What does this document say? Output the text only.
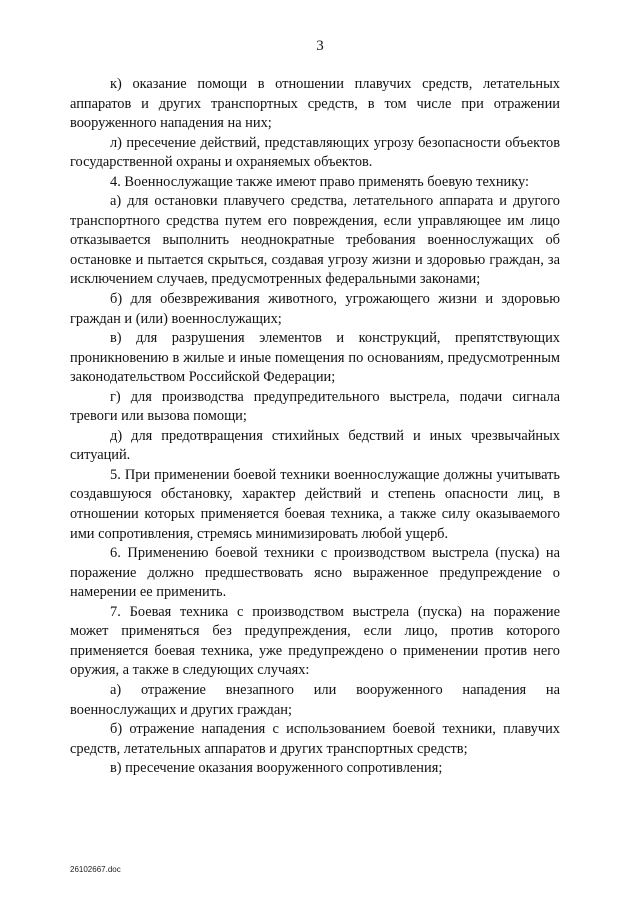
3

к) оказание помощи в отношении плавучих средств, летательных аппаратов и других транспортных средств, в том числе при отражении вооруженного нападения на них;

л) пресечение действий, представляющих угрозу безопасности объектов государственной охраны и охраняемых объектов.

4. Военнослужащие также имеют право применять боевую технику:

а) для остановки плавучего средства, летательного аппарата и другого транспортного средства путем его повреждения, если управляющее им лицо отказывается выполнить неоднократные требования военнослужащих об остановке и пытается скрыться, создавая угрозу жизни и здоровью граждан, за исключением случаев, предусмотренных федеральными законами;

б) для обезвреживания животного, угрожающего жизни и здоровью граждан и (или) военнослужащих;

в) для разрушения элементов и конструкций, препятствующих проникновению в жилые и иные помещения по основаниям, предусмотренным законодательством Российской Федерации;

г) для производства предупредительного выстрела, подачи сигнала тревоги или вызова помощи;

д) для предотвращения стихийных бедствий и иных чрезвычайных ситуаций.

5. При применении боевой техники военнослужащие должны учитывать создавшуюся обстановку, характер действий и степень опасности лиц, в отношении которых применяется боевая техника, а также силу оказываемого ими сопротивления, стремясь минимизировать любой ущерб.

6. Применению боевой техники с производством выстрела (пуска) на поражение должно предшествовать ясно выраженное предупреждение о намерении ее применить.

7. Боевая техника с производством выстрела (пуска) на поражение может применяться без предупреждения, если лицо, против которого применяется боевая техника, уже предупреждено о применении против него оружия, а также в следующих случаях:

а) отражение внезапного или вооруженного нападения на военнослужащих и других граждан;

б) отражение нападения с использованием боевой техники, плавучих средств, летательных аппаратов и других транспортных средств;

в) пресечение оказания вооруженного сопротивления;

26102667.doc
